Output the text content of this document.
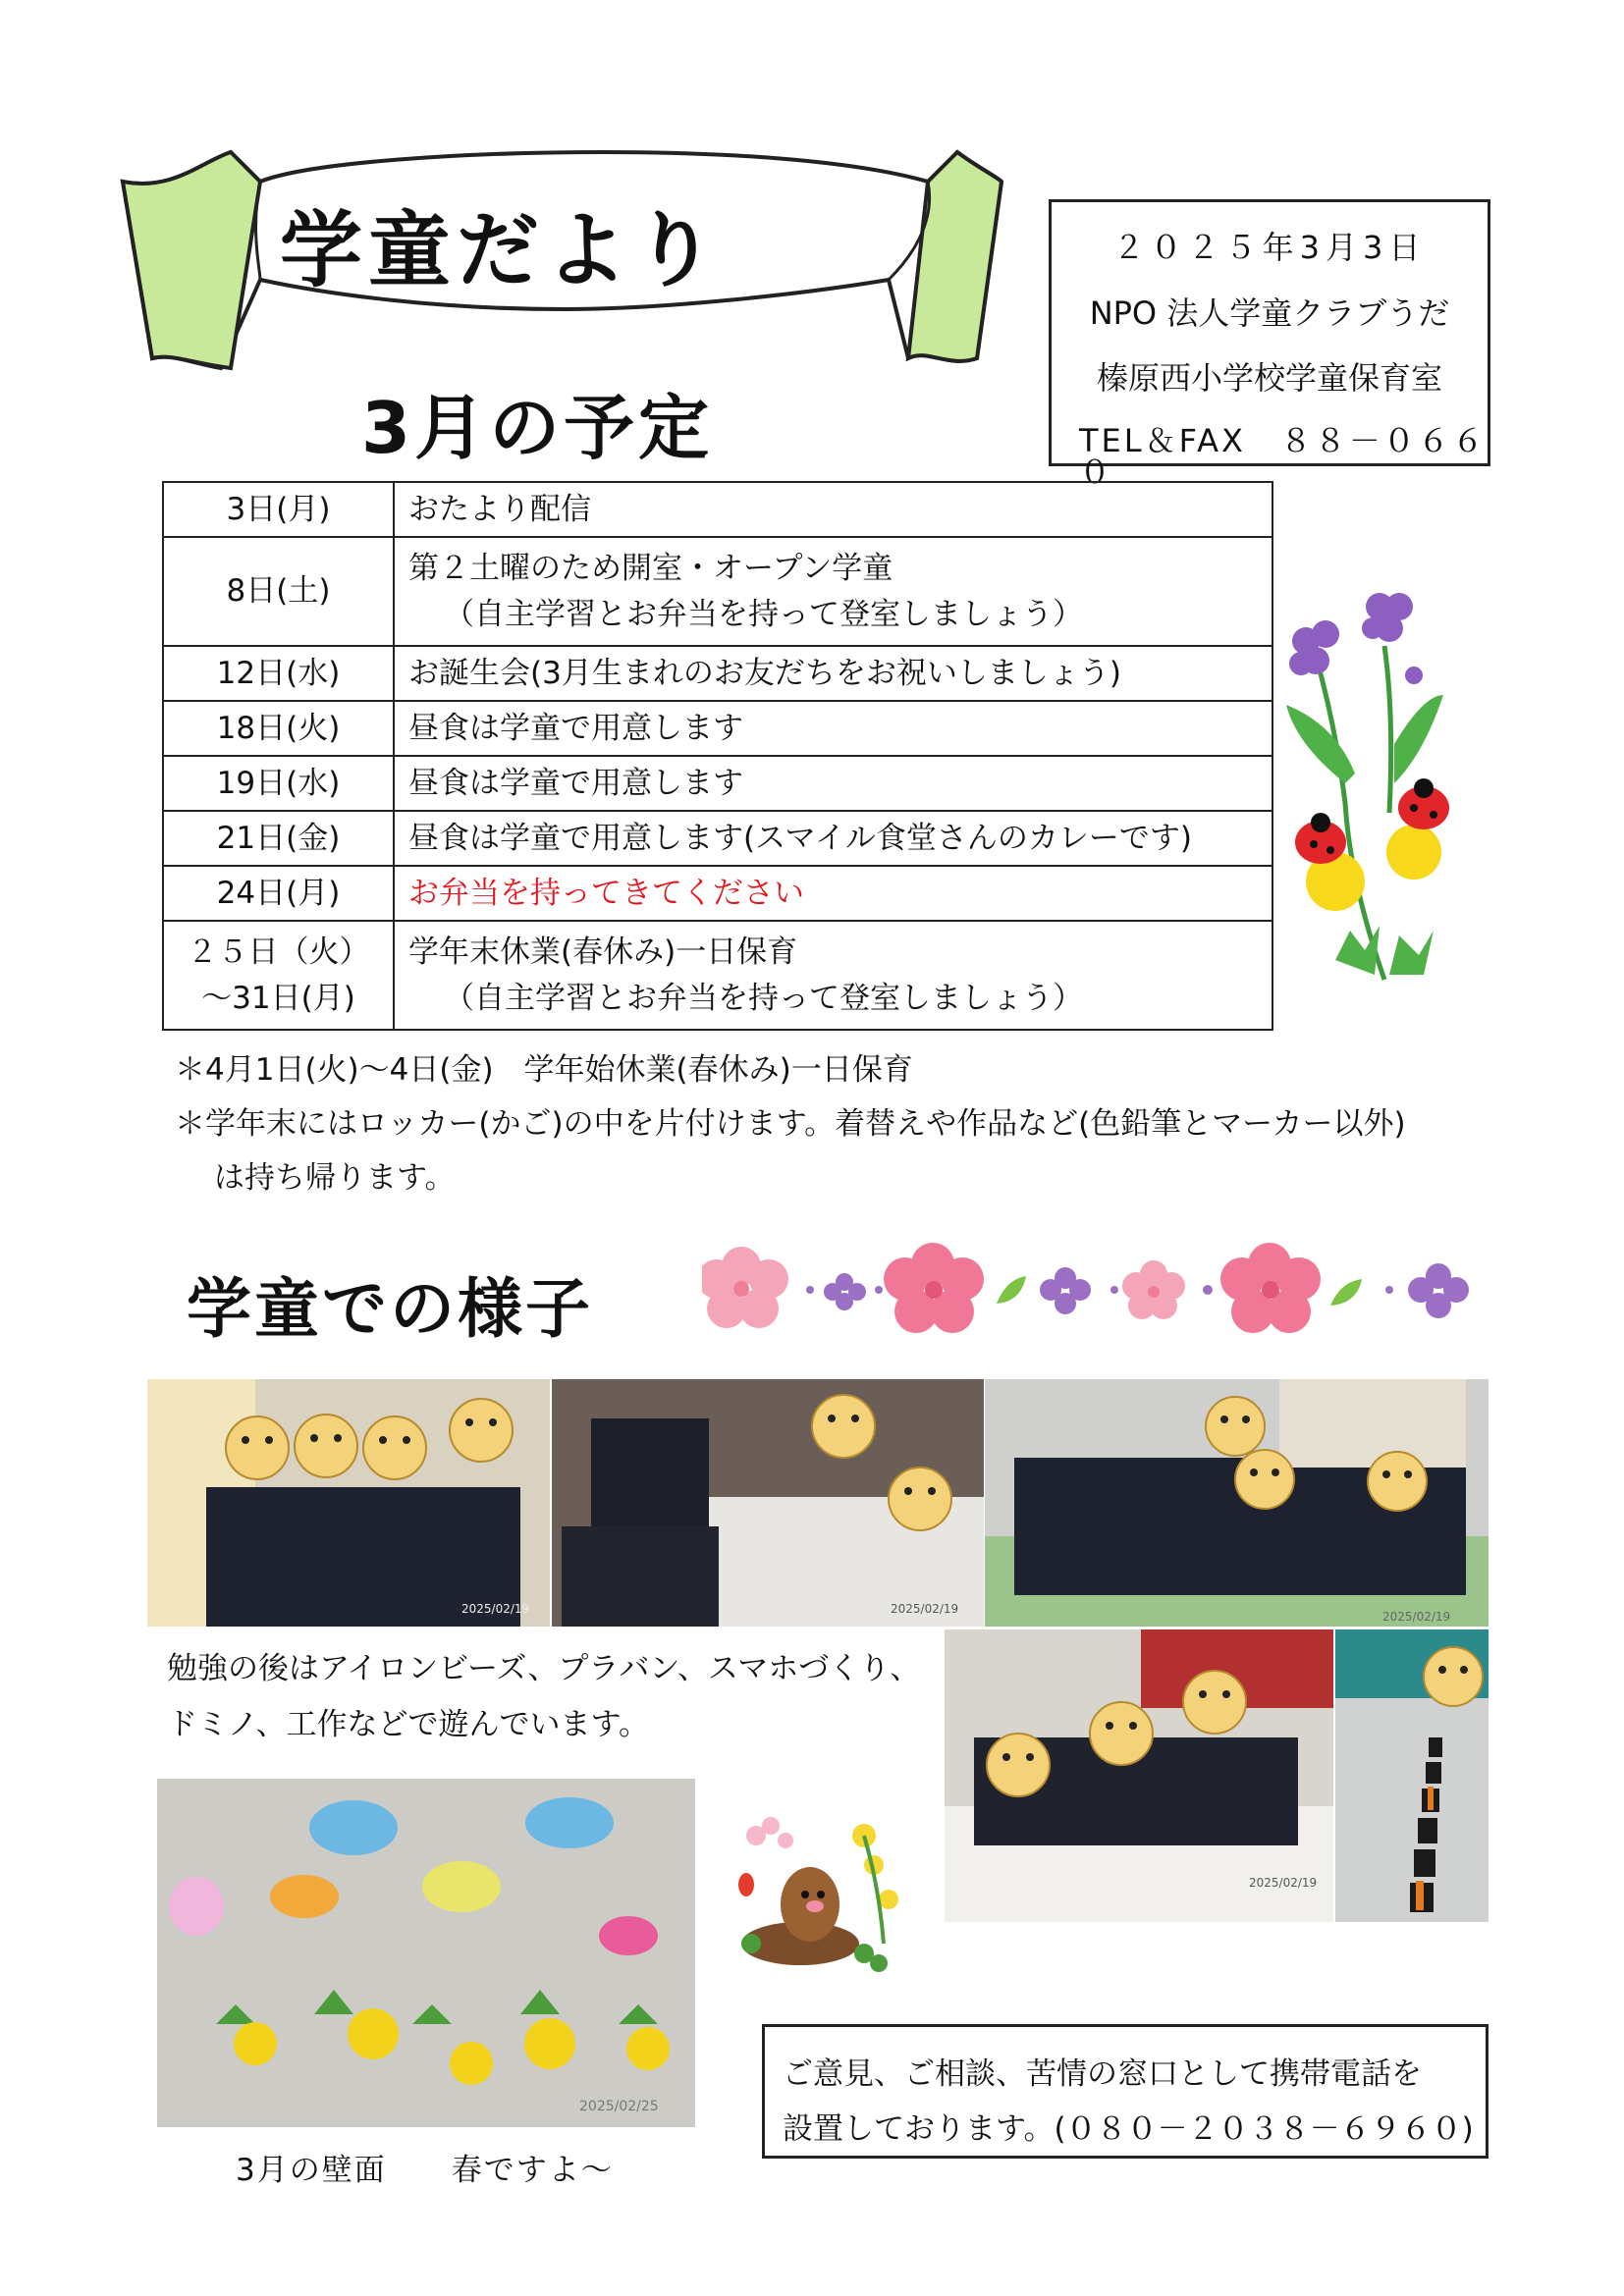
学童だより
3月の予定
２０２５年3月3日
NPO 法人学童クラブうだ
榛原西小学校学童保育室
TEL＆FAX　８８－０６６０
3日(月)	おたより配信
8日(土)	第２土曜のため開室・オープン学童
（自主学習とお弁当を持って登室しましょう）

12日(水)	お誕生会(3月生まれのお友だちをお祝いしましょう)
18日(火)	昼食は学童で用意します
19日(水)	昼食は学童で用意します
21日(金)	昼食は学童で用意します(スマイル食堂さんのカレーです)
24日(月)	お弁当を持ってきてください

２５日（火）
～31日(月)	学年末休業(春休み)一日保育
（自主学習とお弁当を持って登室しましょう）
＊4月1日(火)～4日(金)　学年始休業(春休み)一日保育
＊学年末にはロッカー(かご)の中を片付けます。着替えや作品など(色鉛筆とマーカー以外)
は持ち帰ります。
学童での様子
2025/02/19	2025/02/19
2025/02/19
2025/02/19
2025/02/25
勉強の後はアイロンビーズ、プラバン、スマホづくり、
ドミノ、工作などで遊んでいます。
3月の壁面　　春ですよ～
ご意見、ご相談、苦情の窓口として携帯電話を
設置しております。(０８０－２０３８－６９６０)
